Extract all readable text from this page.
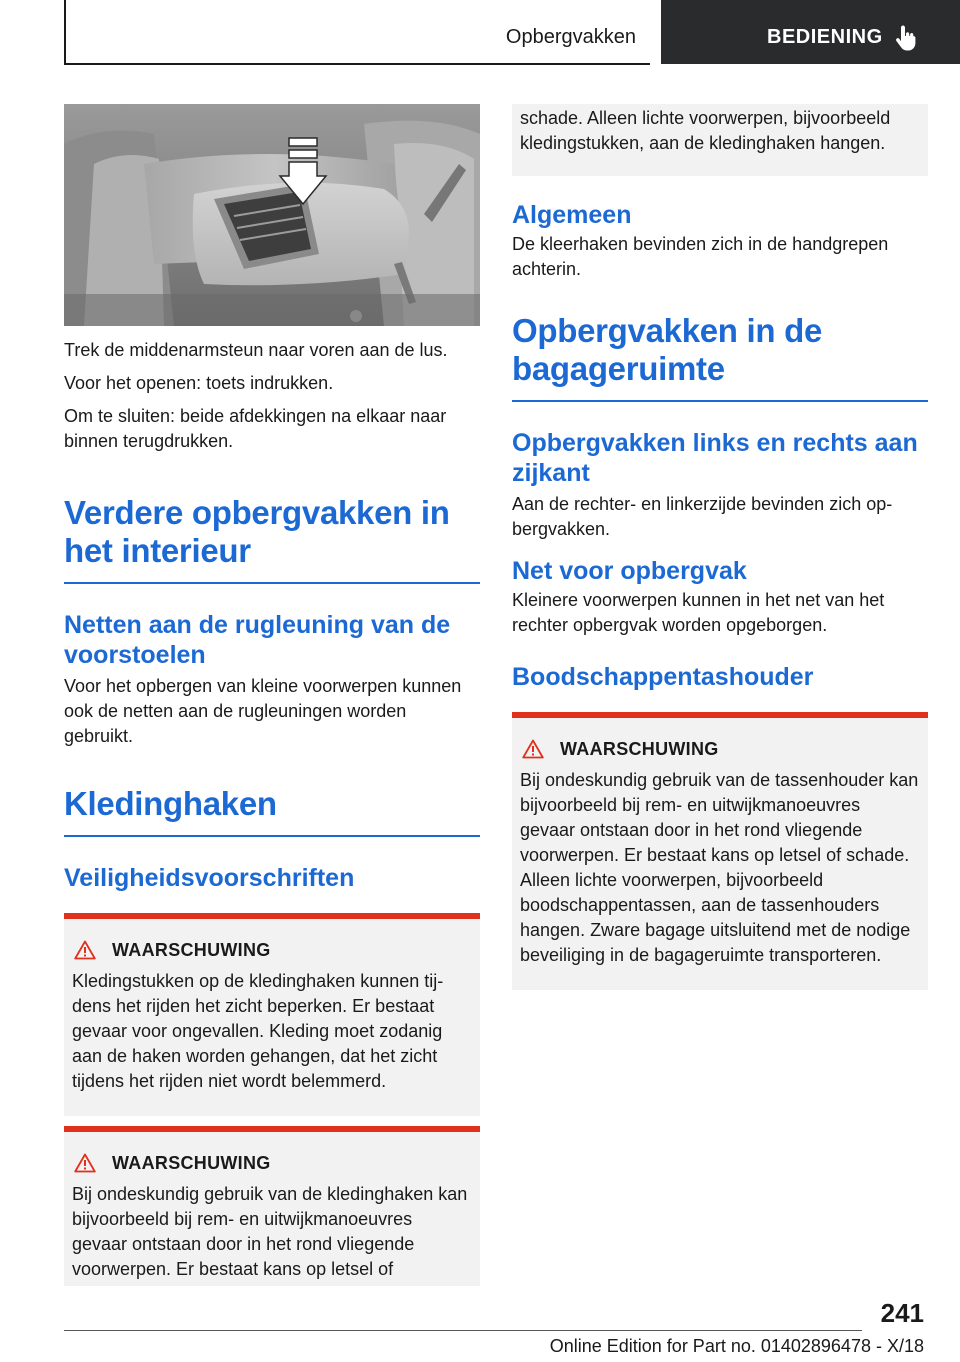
Opbergvakken	BEDIENING

Trek de middenarmsteun naar voren aan de lus.

Voor het openen: toets indrukken.

Om te sluiten: beide afdekkingen na elkaar naar binnen terugdrukken.

Verdere opbergvakken in het interieur
Netten aan de rugleuning van de voorstoelen

Voor het opbergen van kleine voorwerpen kunnen ook de netten aan de rugleuningen worden gebruikt.

Kledinghaken
Veiligheidsvoorschriften
WAARSCHUWING

Kledingstukken op de kledinghaken kunnen tijdens het rijden het zicht beperken. Er bestaat gevaar voor ongevallen. Kleding moet zodanig aan de haken worden gehangen, dat het zicht tijdens het rijden niet wordt belemmerd.

WAARSCHUWING

Bij ondeskundig gebruik van de kledinghaken kan bijvoorbeeld bij rem- en uitwijkmanoeuvres gevaar ontstaan door in het rond vliegende voorwerpen. Er bestaat kans op letsel of

schade. Alleen lichte voorwerpen, bijvoorbeeld kledingstukken, aan de kledinghaken hangen.

Algemeen

De kleerhaken bevinden zich in de handgrepen achterin.

Opbergvakken in de bagageruimte
Opbergvakken links en rechts aan zijkant

Aan de rechter- en linkerzijde bevinden zich opbergvakken.

Net voor opbergvak

Kleinere voorwerpen kunnen in het net van het rechter opbergvak worden opgeborgen.

Boodschappentashouder
WAARSCHUWING

Bij ondeskundig gebruik van de tassenhouder kan bijvoorbeeld bij rem- en uitwijkmanoeuvres gevaar ontstaan door in het rond vliegende voorwerpen. Er bestaat kans op letsel of schade. Alleen lichte voorwerpen, bijvoorbeeld boodschappentassen, aan de tassenhouders hangen. Zware bagage uitsluitend met de nodige beveiliging in de bagageruimte transporteren.

241
Online Edition for Part no. 01402896478 - X/18
